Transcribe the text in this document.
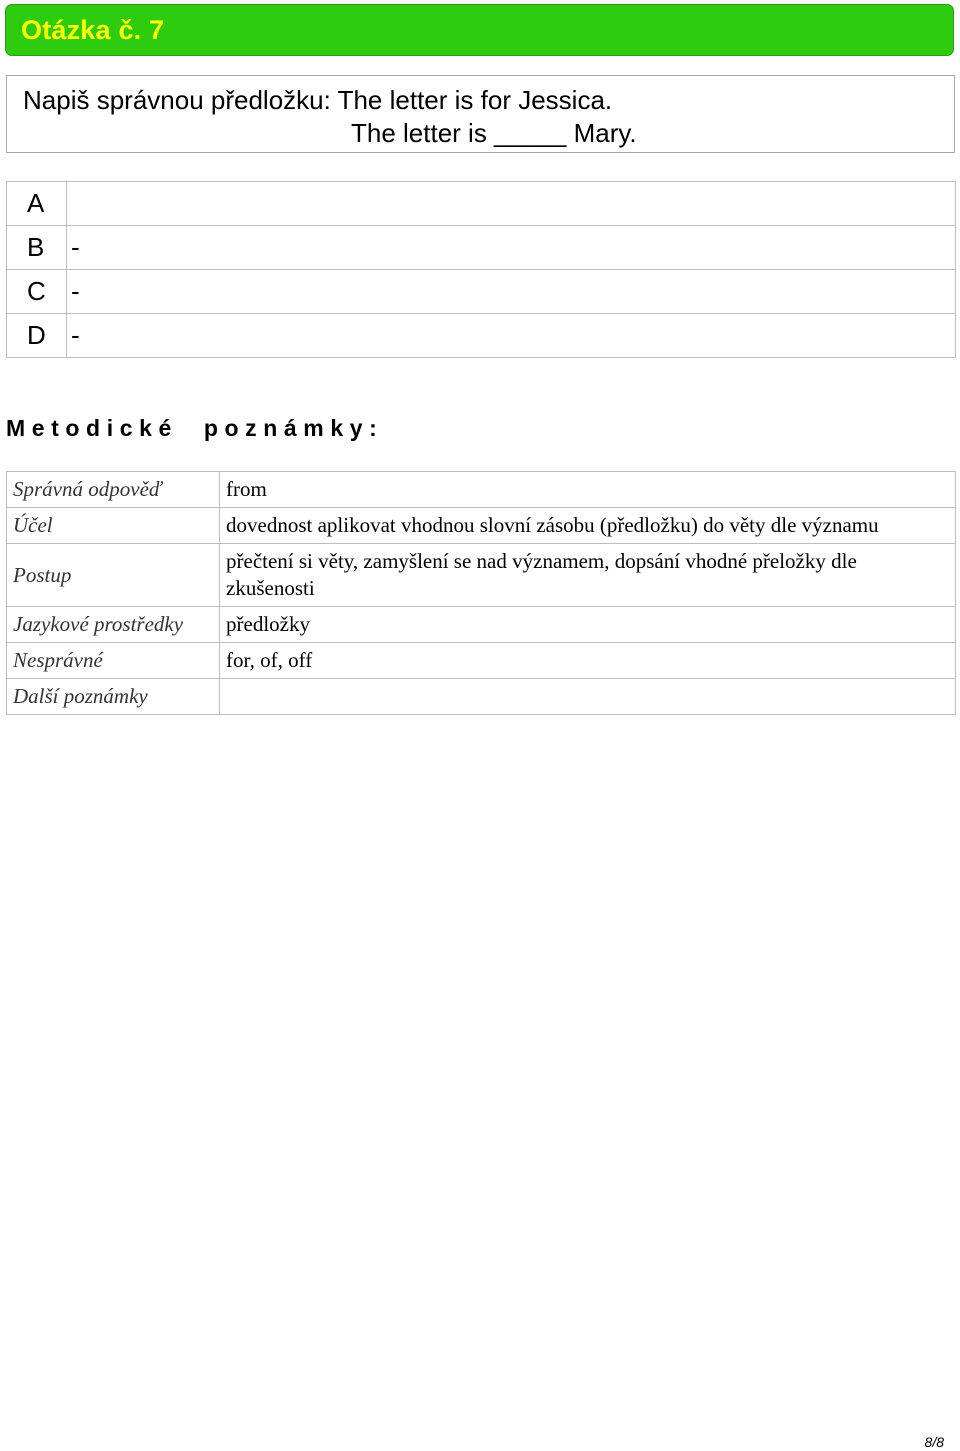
Otázka č. 7
Napiš správnou předložku: The letter is for Jessica.
The letter is _____ Mary.
A	
B	-
C	-
D	-
Metodické  poznámky:
Správná odpověď	from
Účel	dovednost aplikovat vhodnou slovní zásobu (předložku) do věty dle významu
Postup	přečtení si věty, zamyšlení se nad významem, dopsání vhodné přeložky dle zkušenosti
Jazykové prostředky	předložky
Nesprávné	for, of, off
Další poznámky	
8/8
